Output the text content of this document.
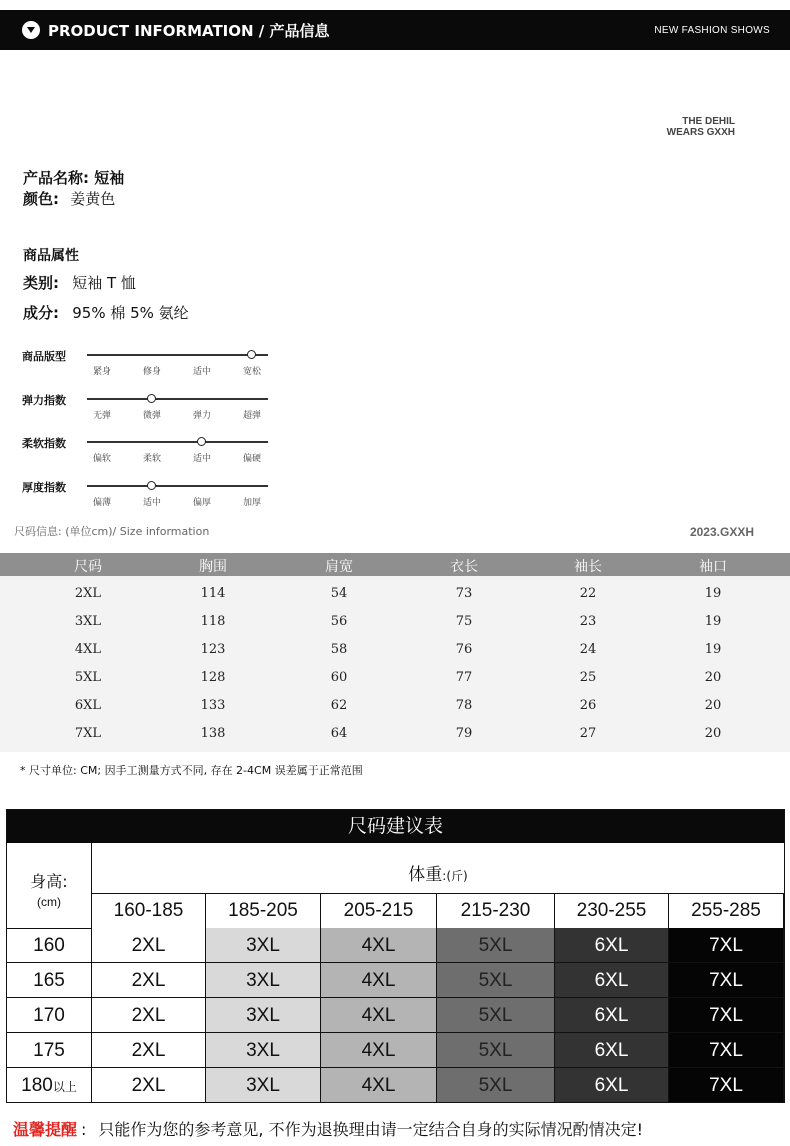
PRODUCT INFORMATION / 产品信息	NEW FASHION SHOWS
THE DEHIL
WEARS GXXH
产品名称: 短袖
颜色: 姜黄色
商品属性
类别: 短袖 T 恤
成分: 95% 棉 5% 氨纶
商品版型
紧身	修身	适中	宽松
弹力指数
无弹	微弹	弹力	超弹
柔软指数
偏软	柔软	适中	偏硬
厚度指数
偏薄	适中	偏厚	加厚
尺码信息: (单位cm)/ Size information	2023.GXXH
尺码	胸围	肩宽	衣长	袖长	袖口
2XL	114	54	73	22	19
3XL	118	56	75	23	19
4XL	123	58	76	24	19
5XL	128	60	77	25	20
6XL	133	62	78	26	20
7XL	138	64	79	27	20
* 尺寸单位: CM; 因手工测量方式不同, 存在 2-4CM 误差属于正常范围
尺码建议表
身高:
(cm)
体重:(斤)
160-185	185-205	205-215	215-230	230-255	255-285
160	2XL	3XL	4XL	5XL	6XL	7XL
165	2XL	3XL	4XL	5XL	6XL	7XL
170	2XL	3XL	4XL	5XL	6XL	7XL
175	2XL	3XL	4XL	5XL	6XL	7XL
180以上	2XL	3XL	4XL	5XL	6XL	7XL
温馨提醒 : 只能作为您的参考意见, 不作为退换理由请一定结合自身的实际情况酌情决定!
